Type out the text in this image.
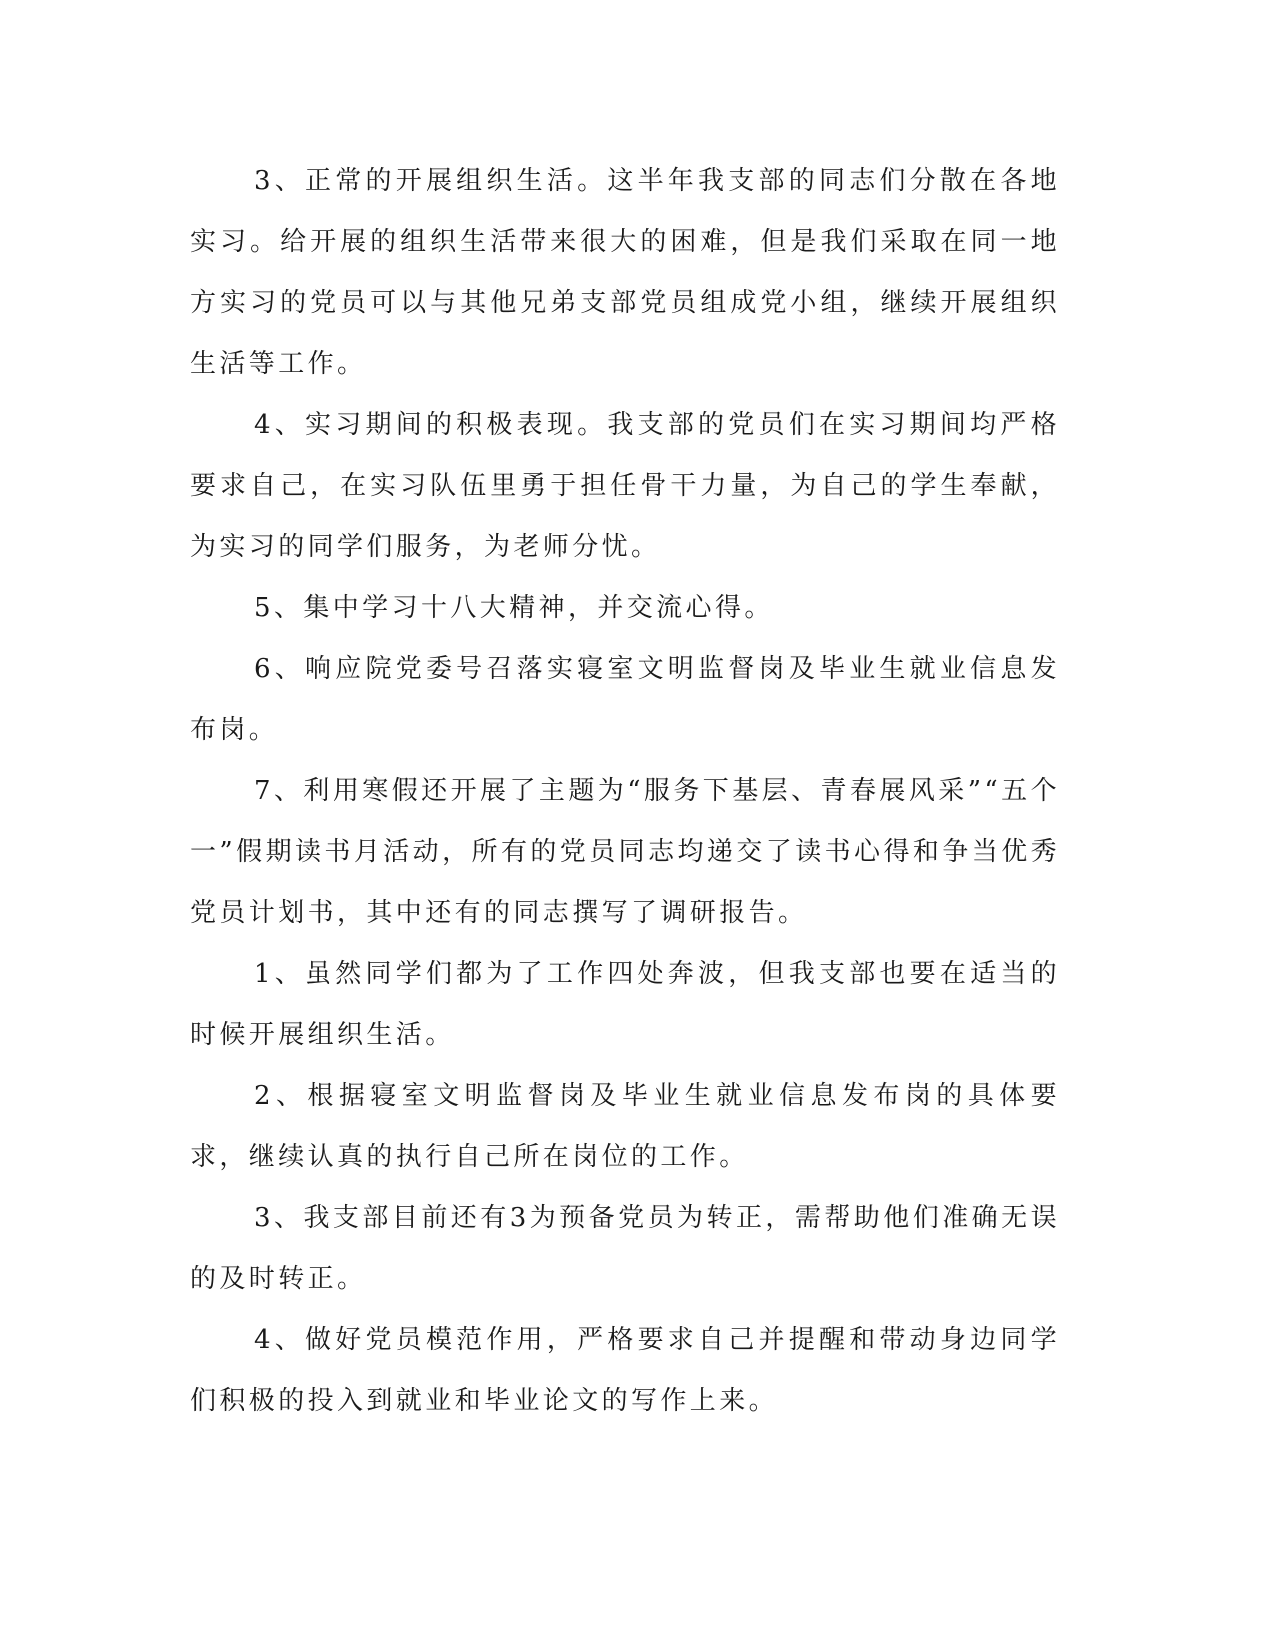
3、正常的开展组织生活。这半年我支部的同志们分散在各地实习。给开展的组织生活带来很大的困难，但是我们采取在同一地方实习的党员可以与其他兄弟支部党员组成党小组，继续开展组织生活等工作。

4、实习期间的积极表现。我支部的党员们在实习期间均严格要求自己，在实习队伍里勇于担任骨干力量，为自己的学生奉献，为实习的同学们服务，为老师分忧。

5、集中学习十八大精神，并交流心得。

6、响应院党委号召落实寝室文明监督岗及毕业生就业信息发布岗。

7、利用寒假还开展了主题为“服务下基层、青春展风采”“五个一”假期读书月活动，所有的党员同志均递交了读书心得和争当优秀党员计划书，其中还有的同志撰写了调研报告。

1、虽然同学们都为了工作四处奔波，但我支部也要在适当的时候开展组织生活。

2、根据寝室文明监督岗及毕业生就业信息发布岗的具体要求，继续认真的执行自己所在岗位的工作。

3、我支部目前还有3为预备党员为转正，需帮助他们准确无误的及时转正。

4、做好党员模范作用，严格要求自己并提醒和带动身边同学们积极的投入到就业和毕业论文的写作上来。
